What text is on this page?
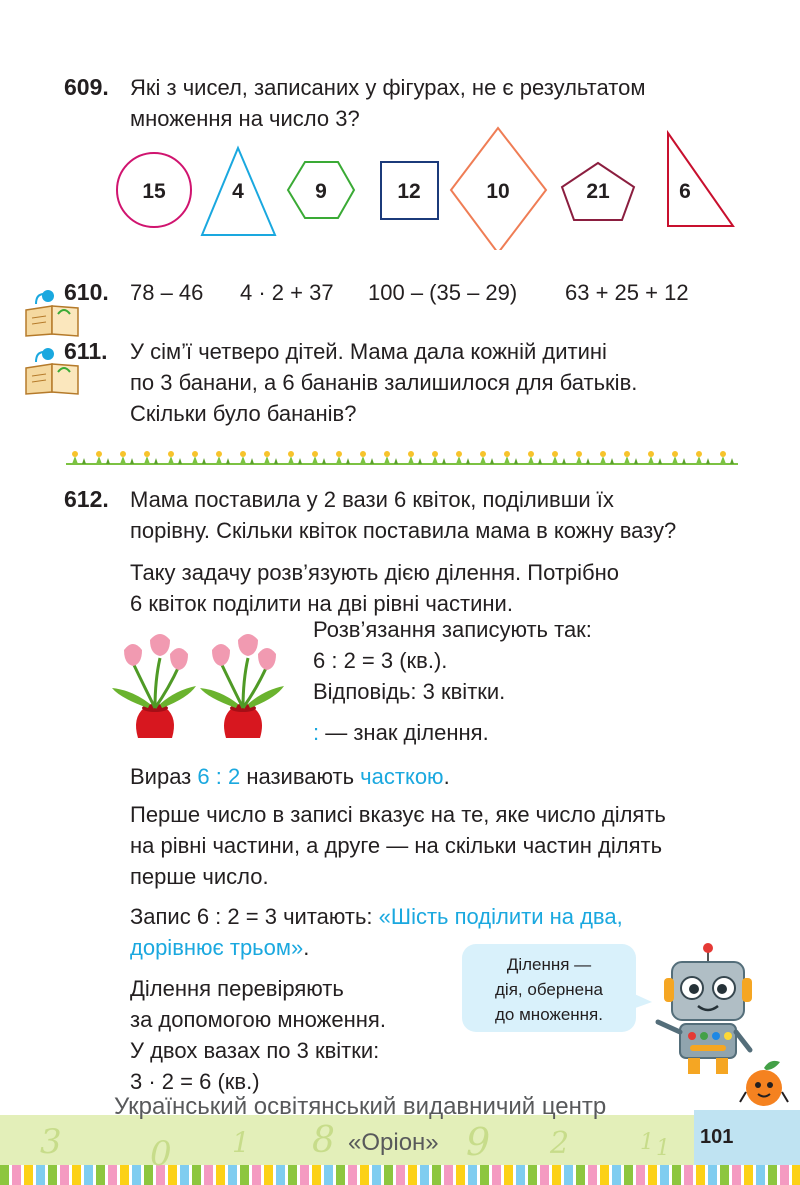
609. Які з чисел, записаних у фігурах, не є результатом
множення на число 3?
15	4	9	12	10	21	6
610. 78 – 46 4 · 2 + 37 100 – (35 – 29) 63 + 25 + 12
611. У сім’ї четверо дітей. Мама дала кожній дитині
по 3 банани, а 6 бананів залишилося для батьків.
Скільки було бананів?
612. Мама поставила у 2 вази 6 квіток, поділивши їх
порівну. Скільки квіток поставила мама в кожну вазу?
Таку задачу розв’язують дією ділення. Потрібно
6 квіток поділити на дві рівні частини.
Розв’язання записують так:
6 : 2 = 3 (кв.).
Відповідь: 3 квітки.
: — знак ділення.
Вираз 6 : 2 називають часткою.
Перше число в записі вказує на те, яке число ділять
на рівні частини, а друге — на скільки частин ділять
перше число.
Запис 6 : 2 = 3 читають: «Шість поділити на два,
дорівнює трьом».
Ділення перевіряють
за допомогою множення.
У двох вазах по 3 квітки:
3 · 2 = 6 (кв.)
Ділення —
дія, обернена
до множення.
3	0 1 8	9 2	1 1
Український освітянський видавничий центр
«Оріон»	101
